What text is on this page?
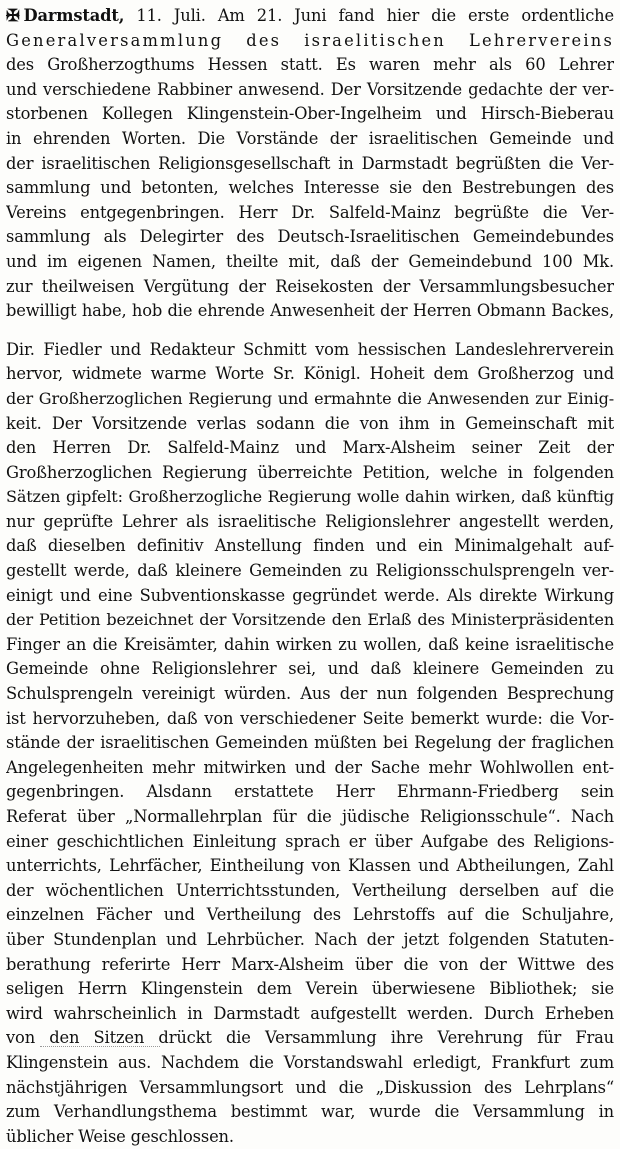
✠ Darmstadt, 11. Juli. Am 21. Juni fand hier die erste ordentliche
Generalversammlung des israelitischen Lehrervereins
des Großherzogthums Hessen statt. Es waren mehr als 60 Lehrer
und verschiedene Rabbiner anwesend. Der Vorsitzende gedachte der ver-
storbenen Kollegen Klingenstein-Ober-Ingelheim und Hirsch-Bieberau
in ehrenden Worten. Die Vorstände der israelitischen Gemeinde und
der israelitischen Religionsgesellschaft in Darmstadt begrüßten die Ver-
sammlung und betonten, welches Interesse sie den Bestrebungen des
Vereins entgegenbringen. Herr Dr. Salfeld-Mainz begrüßte die Ver-
sammlung als Delegirter des Deutsch-Israelitischen Gemeindebundes
und im eigenen Namen, theilte mit, daß der Gemeindebund 100 Mk.
zur theilweisen Vergütung der Reisekosten der Versammlungsbesucher
bewilligt habe, hob die ehrende Anwesenheit der Herren Obmann Backes,
Dir. Fiedler und Redakteur Schmitt vom hessischen Landeslehrerverein
hervor, widmete warme Worte Sr. Königl. Hoheit dem Großherzog und
der Großherzoglichen Regierung und ermahnte die Anwesenden zur Einig-
keit. Der Vorsitzende verlas sodann die von ihm in Gemeinschaft mit
den Herren Dr. Salfeld-Mainz und Marx-Alsheim seiner Zeit der
Großherzoglichen Regierung überreichte Petition, welche in folgenden
Sätzen gipfelt: Großherzogliche Regierung wolle dahin wirken, daß künftig
nur geprüfte Lehrer als israelitische Religionslehrer angestellt werden,
daß dieselben definitiv Anstellung finden und ein Minimalgehalt auf-
gestellt werde, daß kleinere Gemeinden zu Religionsschulsprengeln ver-
einigt und eine Subventionskasse gegründet werde. Als direkte Wirkung
der Petition bezeichnet der Vorsitzende den Erlaß des Ministerpräsidenten
Finger an die Kreisämter, dahin wirken zu wollen, daß keine israelitische
Gemeinde ohne Religionslehrer sei, und daß kleinere Gemeinden zu
Schulsprengeln vereinigt würden. Aus der nun folgenden Besprechung
ist hervorzuheben, daß von verschiedener Seite bemerkt wurde: die Vor-
stände der israelitischen Gemeinden müßten bei Regelung der fraglichen
Angelegenheiten mehr mitwirken und der Sache mehr Wohlwollen ent-
gegenbringen. Alsdann erstattete Herr Ehrmann-Friedberg sein
Referat über „Normallehrplan für die jüdische Religionsschule“. Nach
einer geschichtlichen Einleitung sprach er über Aufgabe des Religions-
unterrichts, Lehrfächer, Eintheilung von Klassen und Abtheilungen, Zahl
der wöchentlichen Unterrichtsstunden, Vertheilung derselben auf die
einzelnen Fächer und Vertheilung des Lehrstoffs auf die Schuljahre,
über Stundenplan und Lehrbücher. Nach der jetzt folgenden Statuten-
berathung referirte Herr Marx-Alsheim über die von der Wittwe des
seligen Herrn Klingenstein dem Verein überwiesene Bibliothek; sie
wird wahrscheinlich in Darmstadt aufgestellt werden. Durch Erheben
von den Sitzen drückt die Versammlung ihre Verehrung für Frau
Klingenstein aus. Nachdem die Vorstandswahl erledigt, Frankfurt zum
nächstjährigen Versammlungsort und die „Diskussion des Lehrplans“
zum Verhandlungsthema bestimmt war, wurde die Versammlung in
üblicher Weise geschlossen.
